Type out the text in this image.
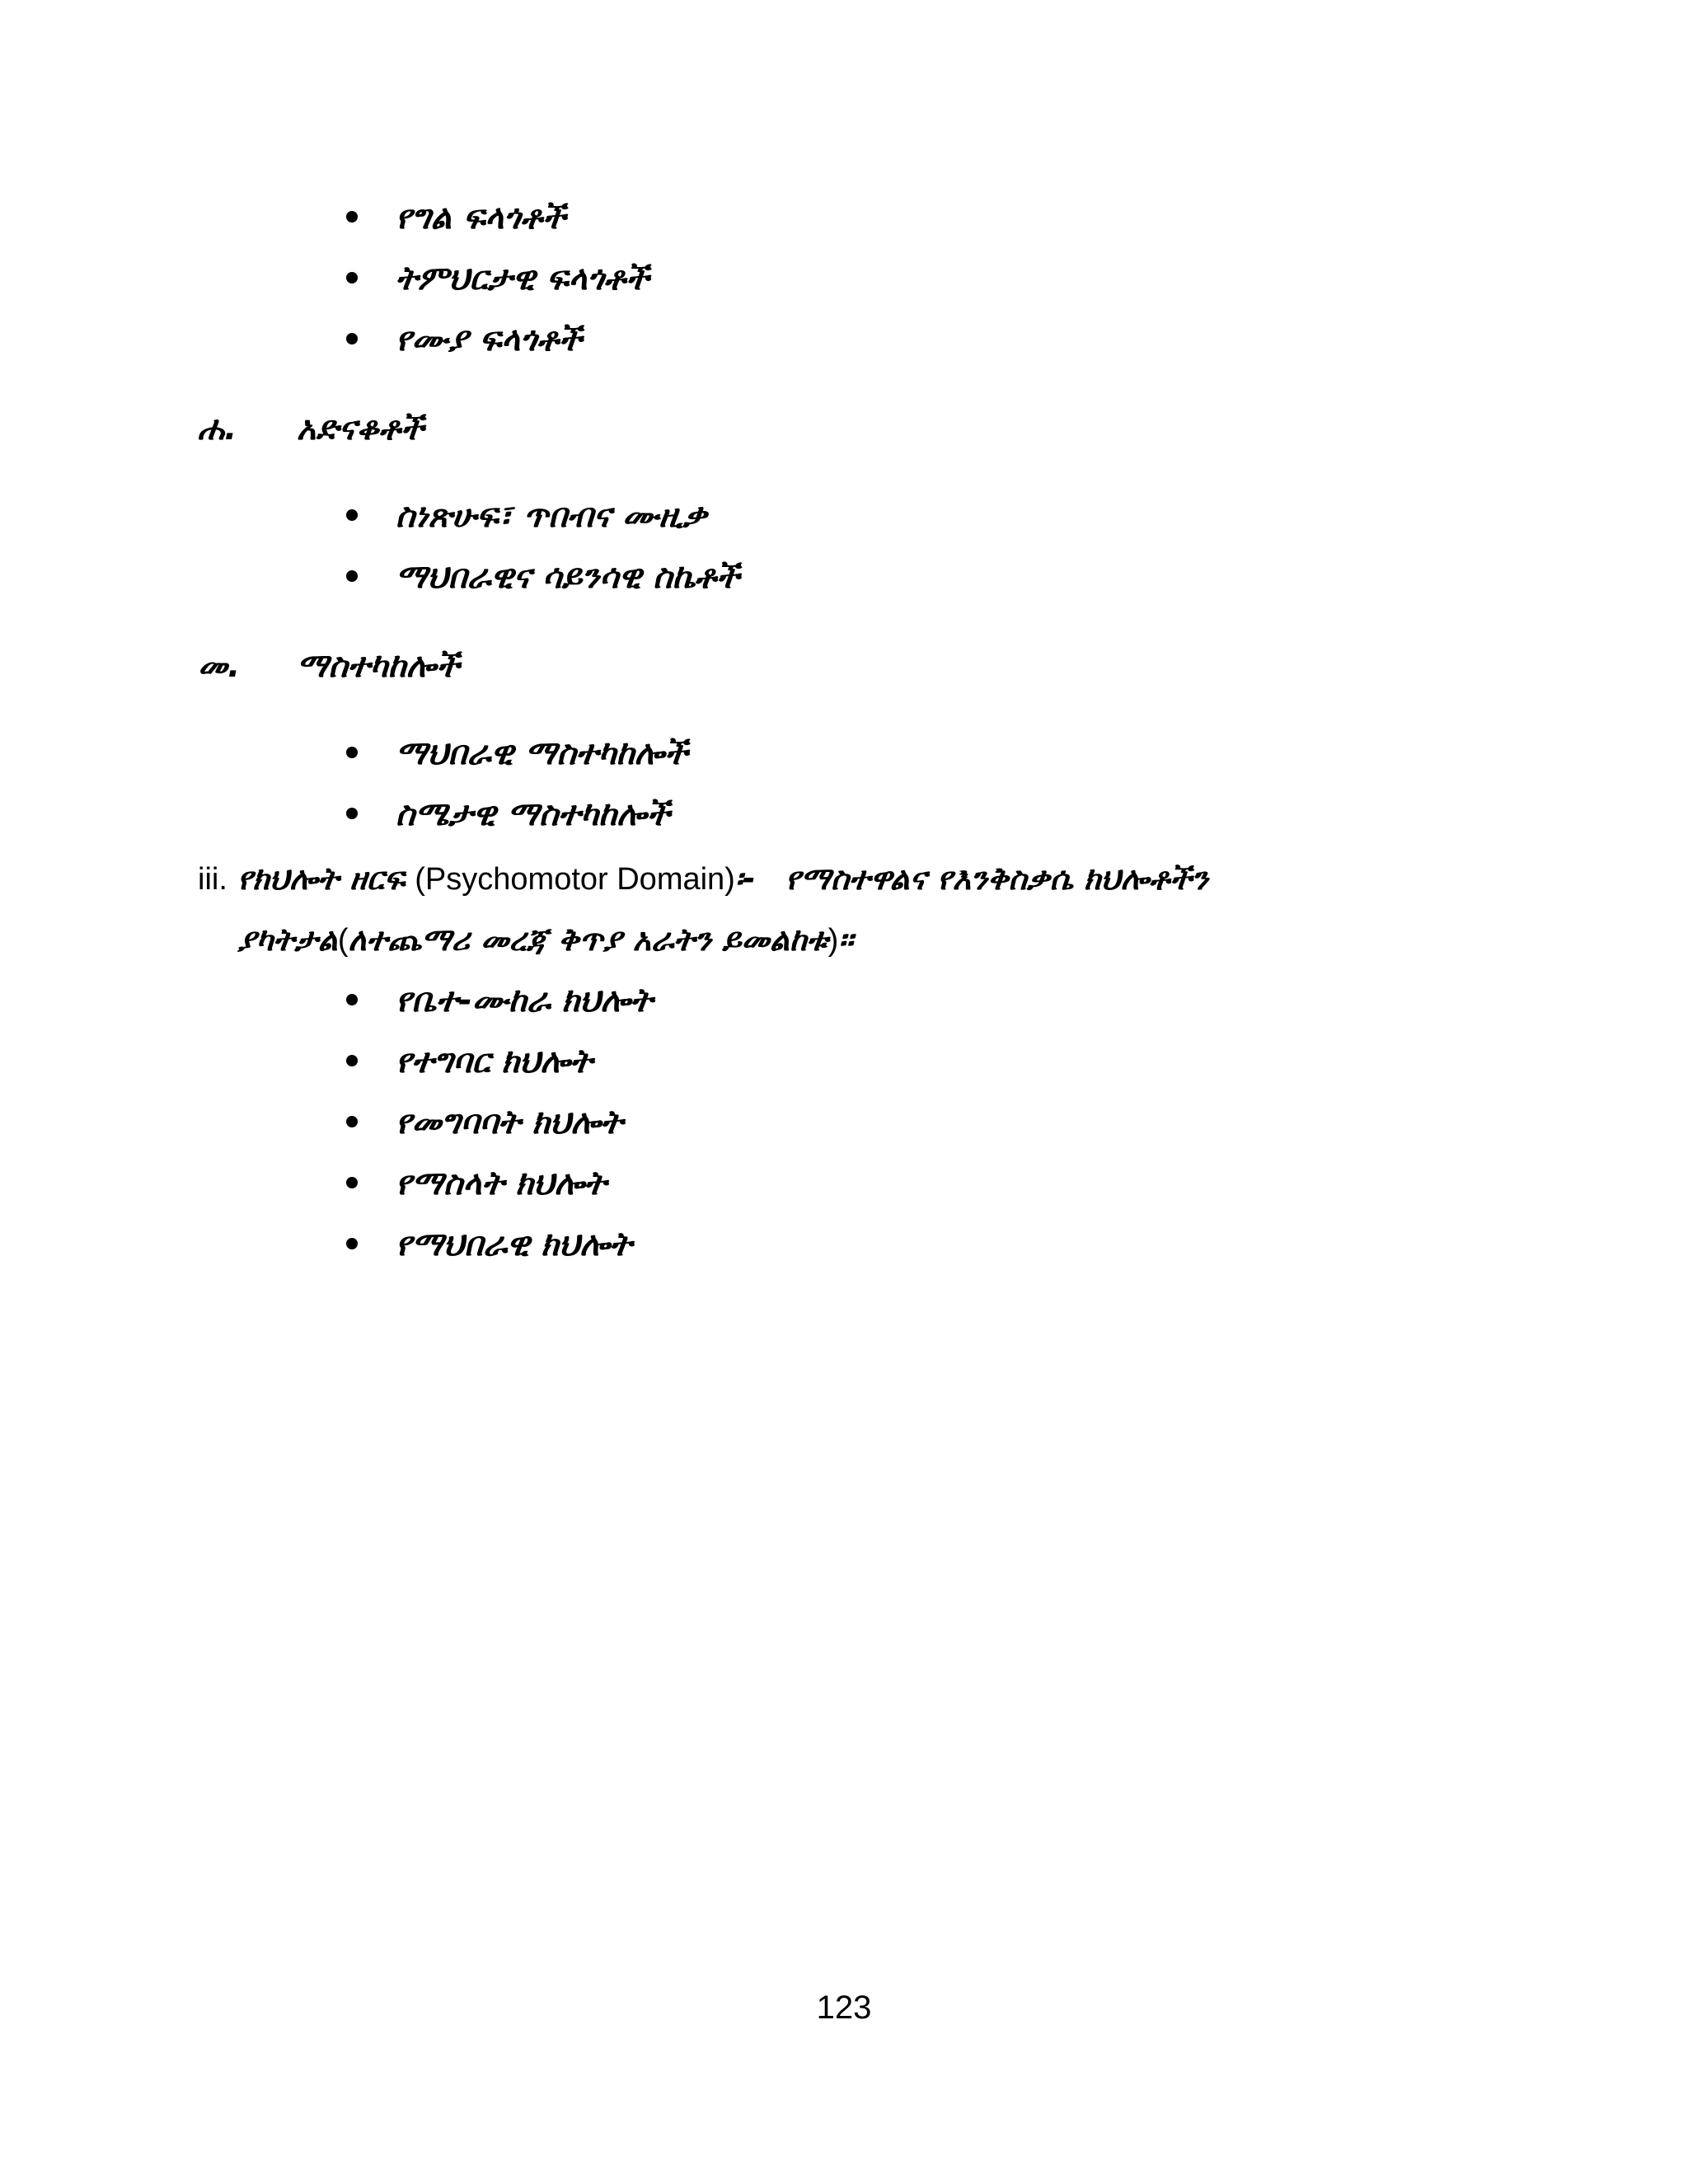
የግል ፍላጎቶች
ትምህርታዊ ፍላጎቶች
የሙያ ፍላጎቶች
ሐ. አድናቆቶች
ስነጽሁፍ፣ ጥበብና ሙዚቃ
ማህበራዊና ሳይንሳዊ ስኬቶች
መ. ማስተካከሎች
ማህበራዊ ማስተካከሎች
ስሜታዊ ማስተካከሎች
iii. የክህሎት ዘርፍ (Psychomotor Domain)፡- የማስተዋልና የእንቅስቃሴ ክህሎቶችን
ያካትታል(ለተጨማሪ መረጃ ቅጥያ አራትን ይመልከቱ)፡፡
የቤተ-ሙከራ ክህሎት
የተግባር ክህሎት
የመግባባት ክህሎት
የማስላት ክህሎት
የማህበራዊ ክህሎት
123
